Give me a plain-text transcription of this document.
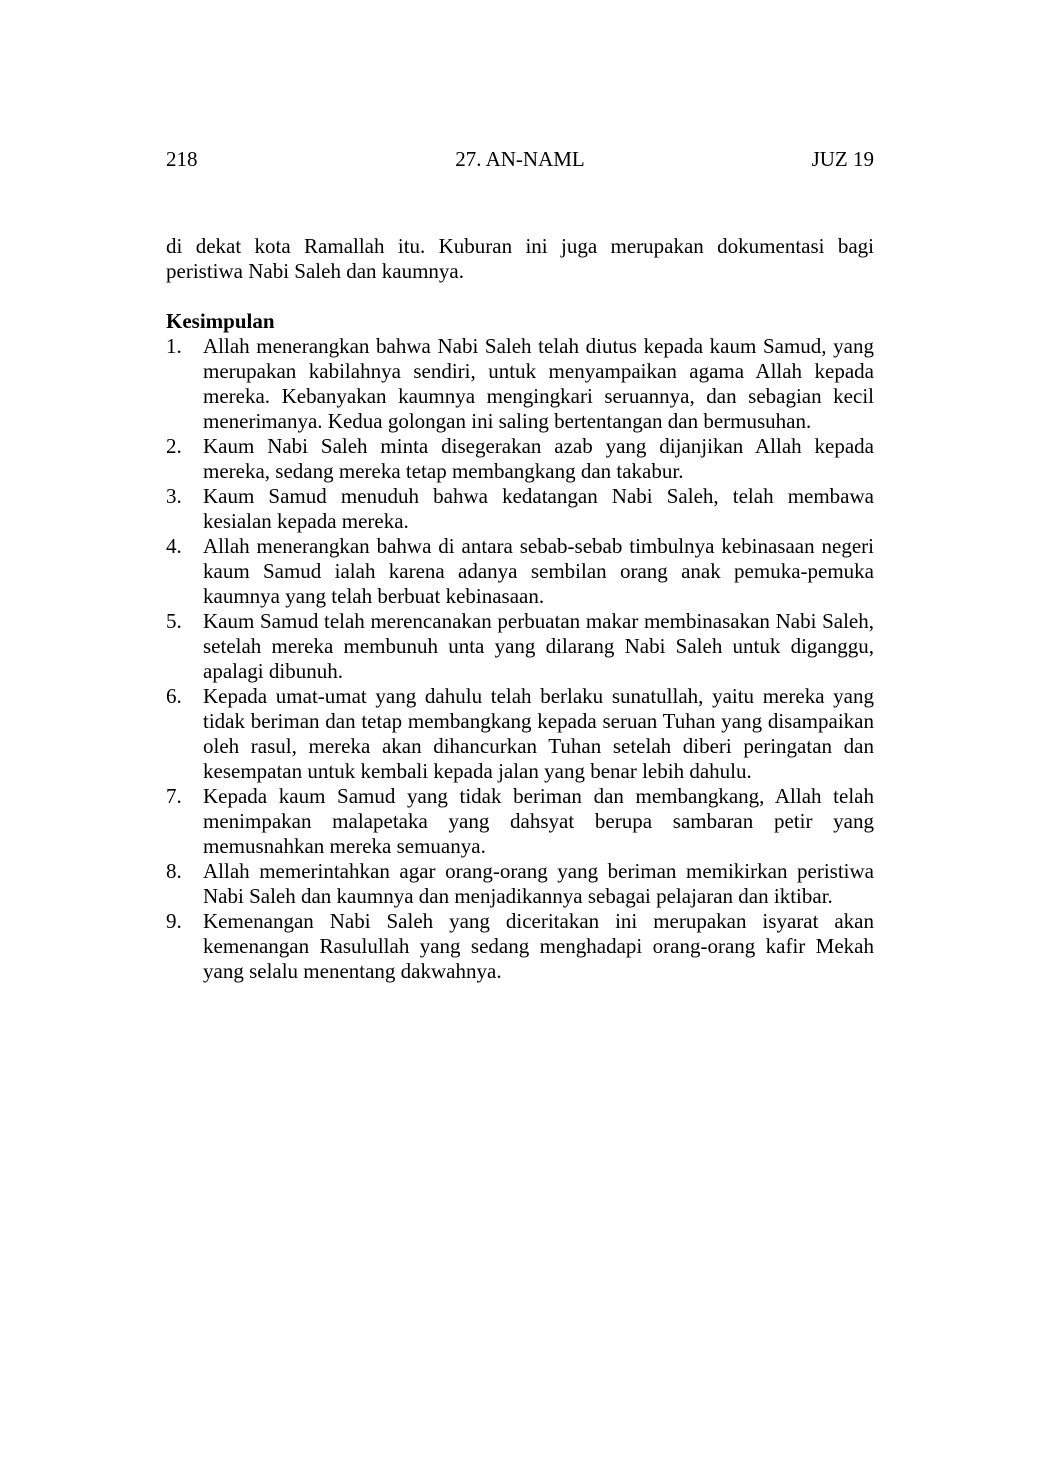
218	27. AN-NAML	JUZ 19

di dekat kota Ramallah itu. Kuburan ini juga merupakan dokumentasi bagi peristiwa Nabi Saleh dan kaumnya.

Kesimpulan
1. Allah menerangkan bahwa Nabi Saleh telah diutus kepada kaum Samud, yang merupakan kabilahnya sendiri, untuk menyampaikan agama Allah kepada mereka. Kebanyakan kaumnya mengingkari seruannya, dan sebagian kecil menerimanya. Kedua golongan ini saling bertentangan dan bermusuhan.
2. Kaum Nabi Saleh minta disegerakan azab yang dijanjikan Allah kepada mereka, sedang mereka tetap membangkang dan takabur.
3. Kaum Samud menuduh bahwa kedatangan Nabi Saleh, telah membawa kesialan kepada mereka.
4. Allah menerangkan bahwa di antara sebab-sebab timbulnya kebinasaan negeri kaum Samud ialah karena adanya sembilan orang anak pemuka-pemuka kaumnya yang telah berbuat kebinasaan.
5. Kaum Samud telah merencanakan perbuatan makar membinasakan Nabi Saleh, setelah mereka membunuh unta yang dilarang Nabi Saleh untuk diganggu, apalagi dibunuh.
6. Kepada umat-umat yang dahulu telah berlaku sunatullah, yaitu mereka yang tidak beriman dan tetap membangkang kepada seruan Tuhan yang disampaikan oleh rasul, mereka akan dihancurkan Tuhan setelah diberi peringatan dan kesempatan untuk kembali kepada jalan yang benar lebih dahulu.
7. Kepada kaum Samud yang tidak beriman dan membangkang, Allah telah menimpakan malapetaka yang dahsyat berupa sambaran petir yang memusnahkan mereka semuanya.
8. Allah memerintahkan agar orang-orang yang beriman memikirkan peristiwa Nabi Saleh dan kaumnya dan menjadikannya sebagai pelajaran dan iktibar.
9. Kemenangan Nabi Saleh yang diceritakan ini merupakan isyarat akan kemenangan Rasulullah yang sedang menghadapi orang-orang kafir Mekah yang selalu menentang dakwahnya.
